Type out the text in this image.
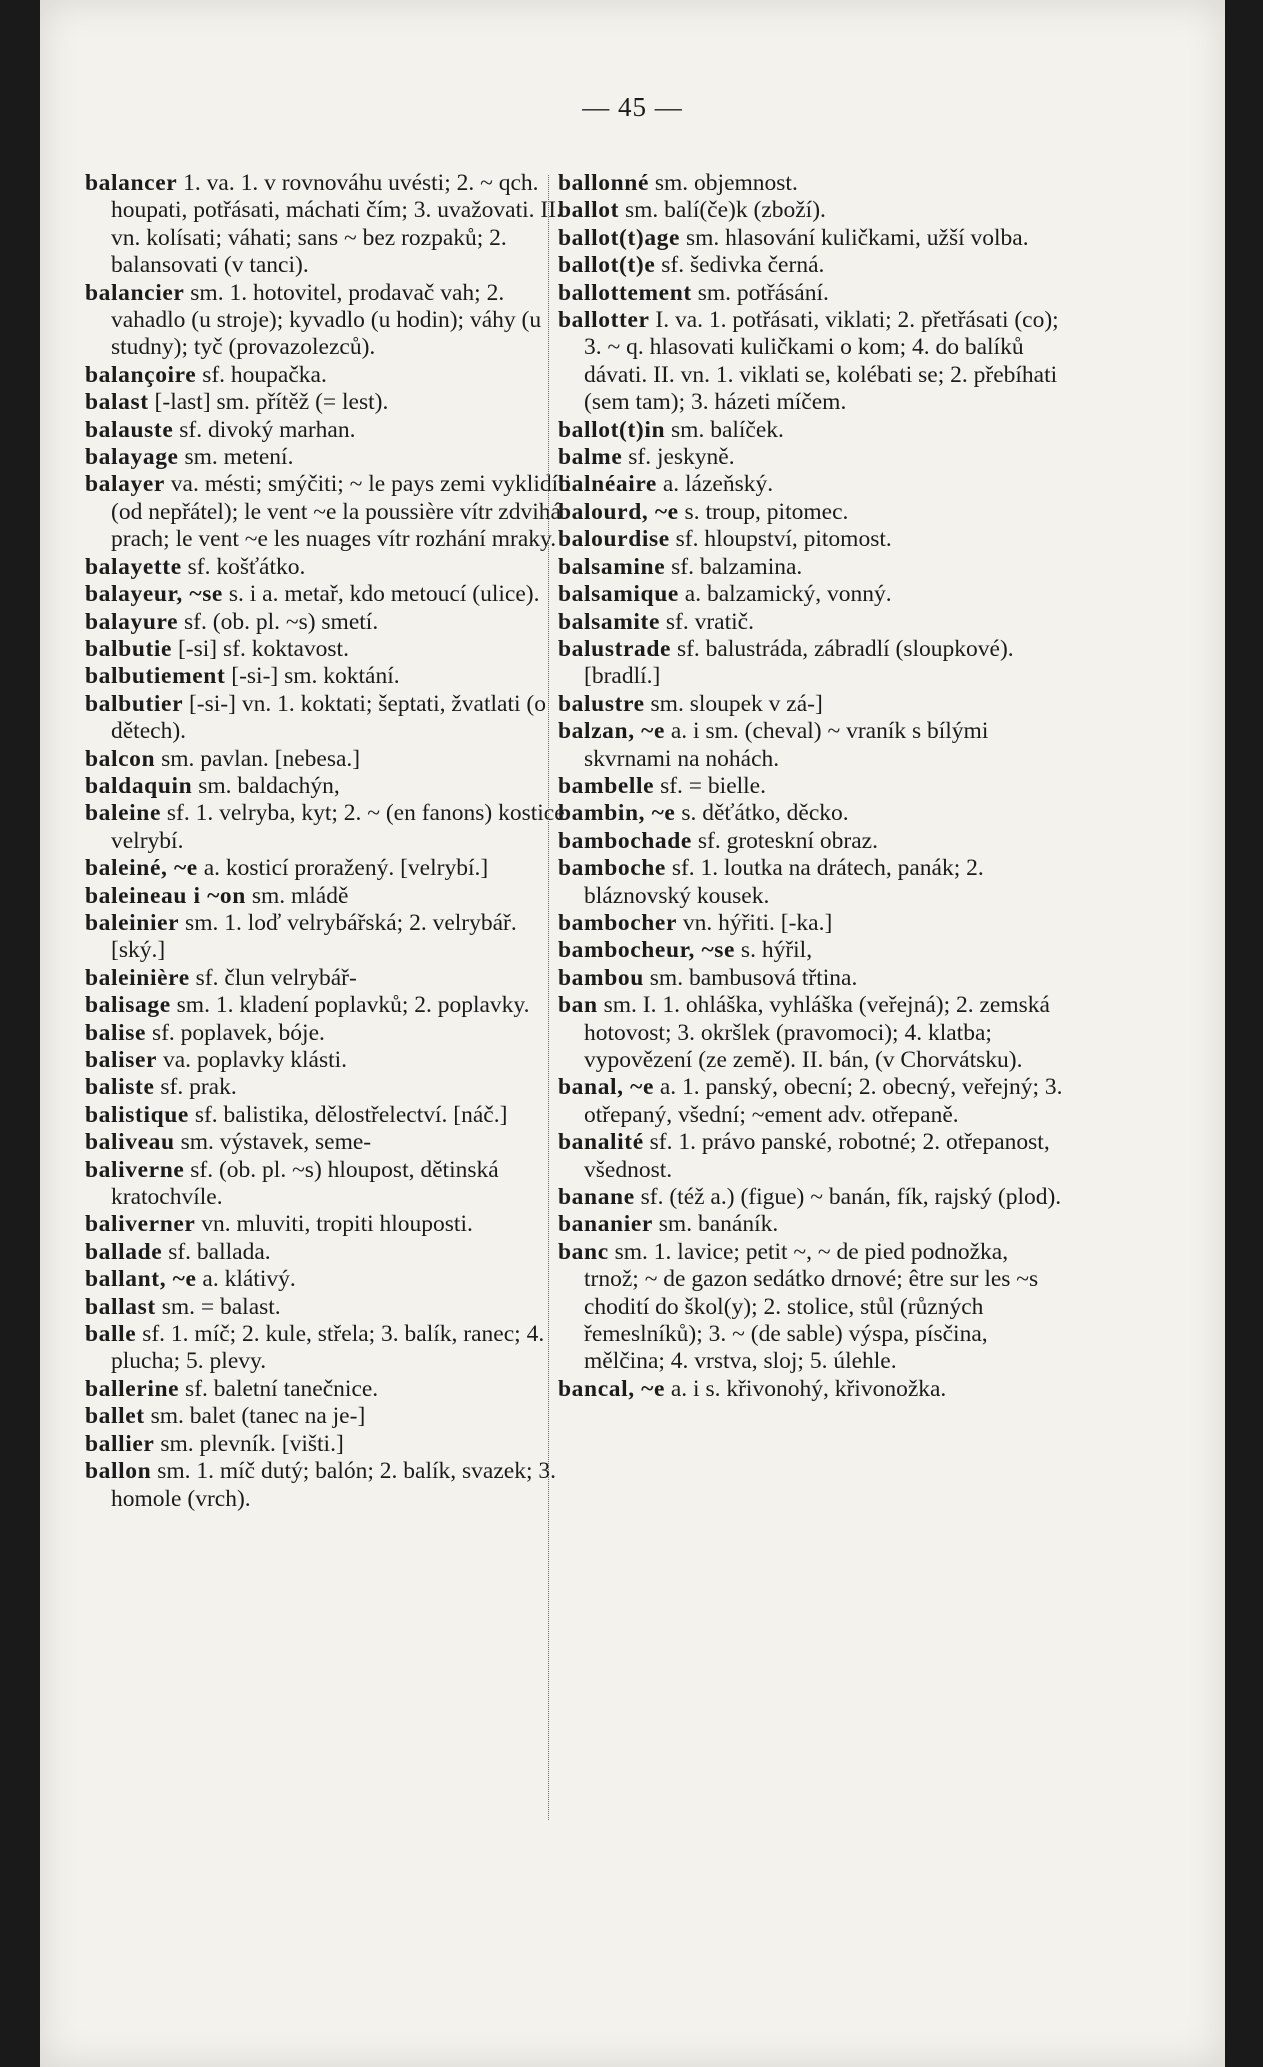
— 45 —

balancer 1. va. 1. v rovnováhu uvésti; 2. ~ qch. houpati, potřásati, máchati čím; 3. uvažovati. II. vn. kolísati; váhati; sans ~ bez rozpaků; 2. balansovati (v tanci).

balancier sm. 1. hotovitel, prodavač vah; 2. vahadlo (u stroje); kyvadlo (u hodin); váhy (u studny); tyč (provazolezců).

balançoire sf. houpačka.

balast [-last] sm. přítěž (= lest).

balauste sf. divoký marhan.

balayage sm. metení.

balayer va. mésti; smýčiti; ~ le pays zemi vyklidíti (od nepřátel); le vent ~e la poussière vítr zdvihá prach; le vent ~e les nuages vítr rozhání mraky.

balayette sf. košťátko.

balayeur, ~se s. i a. metař, kdo metoucí (ulice).

balayure sf. (ob. pl. ~s) smetí.

balbutie [-si] sf. koktavost.

balbutiement [-si-] sm. koktání.

balbutier [-si-] vn. 1. koktati; šeptati, žvatlati (o dětech).

balcon sm. pavlan. [nebesa.]

baldaquin sm. baldachýn,

baleine sf. 1. velryba, kyt; 2. ~ (en fanons) kostice velrybí.

baleiné, ~e a. kosticí proražený. [velrybí.]

baleineau i ~on sm. mládě

baleinier sm. 1. loď velrybářská; 2. velrybář. [ský.]

baleinière sf. člun velrybář-

balisage sm. 1. kladení poplavků; 2. poplavky.

balise sf. poplavek, bóje.

baliser va. poplavky klásti.

baliste sf. prak.

balistique sf. balistika, dělostřelectví. [náč.]

baliveau sm. výstavek, seme-

baliverne sf. (ob. pl. ~s) hloupost, dětinská kratochvíle.

baliverner vn. mluviti, tropiti hlouposti.

ballade sf. ballada.

ballant, ~e a. klátivý.

ballast sm. = balast.

balle sf. 1. míč; 2. kule, střela; 3. balík, ranec; 4. plucha; 5. plevy.

ballerine sf. baletní tanečnice.

ballet sm. balet (tanec na je-]

ballier sm. plevník. [višti.]

ballon sm. 1. míč dutý; balón; 2. balík, svazek; 3. homole (vrch).

ballonné sm. objemnost.

ballot sm. balí(če)k (zboží).

ballot(t)age sm. hlasování kuličkami, užší volba.

ballot(t)e sf. šedivka černá.

ballottement sm. potřásání.

ballotter I. va. 1. potřásati, viklati; 2. přetřásati (co); 3. ~ q. hlasovati kuličkami o kom; 4. do balíků dávati. II. vn. 1. viklati se, kolébati se; 2. přebíhati (sem tam); 3. házeti míčem.

ballot(t)in sm. balíček.

balme sf. jeskyně.

balnéaire a. lázeňský.

balourd, ~e s. troup, pitomec.

balourdise sf. hloupství, pitomost.

balsamine sf. balzamina.

balsamique a. balzamický, vonný.

balsamite sf. vratič.

balustrade sf. balustráda, zábradlí (sloupkové). [bradlí.]

balustre sm. sloupek v zá-]

balzan, ~e a. i sm. (cheval) ~ vraník s bílými skvrnami na nohách.

bambelle sf. = bielle.

bambin, ~e s. děťátko, děcko.

bambochade sf. groteskní obraz.

bamboche sf. 1. loutka na drátech, panák; 2. bláznovský kousek.

bambocher vn. hýřiti. [-ka.]

bambocheur, ~se s. hýřil,

bambou sm. bambusová třtina.

ban sm. I. 1. ohláška, vyhláška (veřejná); 2. zemská hotovost; 3. okršlek (pravomoci); 4. klatba; vypovězení (ze země). II. bán, (v Chorvátsku).

banal, ~e a. 1. panský, obecní; 2. obecný, veřejný; 3. otřepaný, všední; ~ement adv. otřepaně.

banalité sf. 1. právo panské, robotné; 2. otřepanost, všednost.

banane sf. (též a.) (figue) ~ banán, fík, rajský (plod).

bananier sm. banáník.

banc sm. 1. lavice; petit ~, ~ de pied podnožka, trnož; ~ de gazon sedátko drnové; être sur les ~s chodití do škol(y); 2. stolice, stůl (různých řemeslníků); 3. ~ (de sable) výspa, písčina, mělčina; 4. vrstva, sloj; 5. úlehle.

bancal, ~e a. i s. křivonohý, křivonožka.
